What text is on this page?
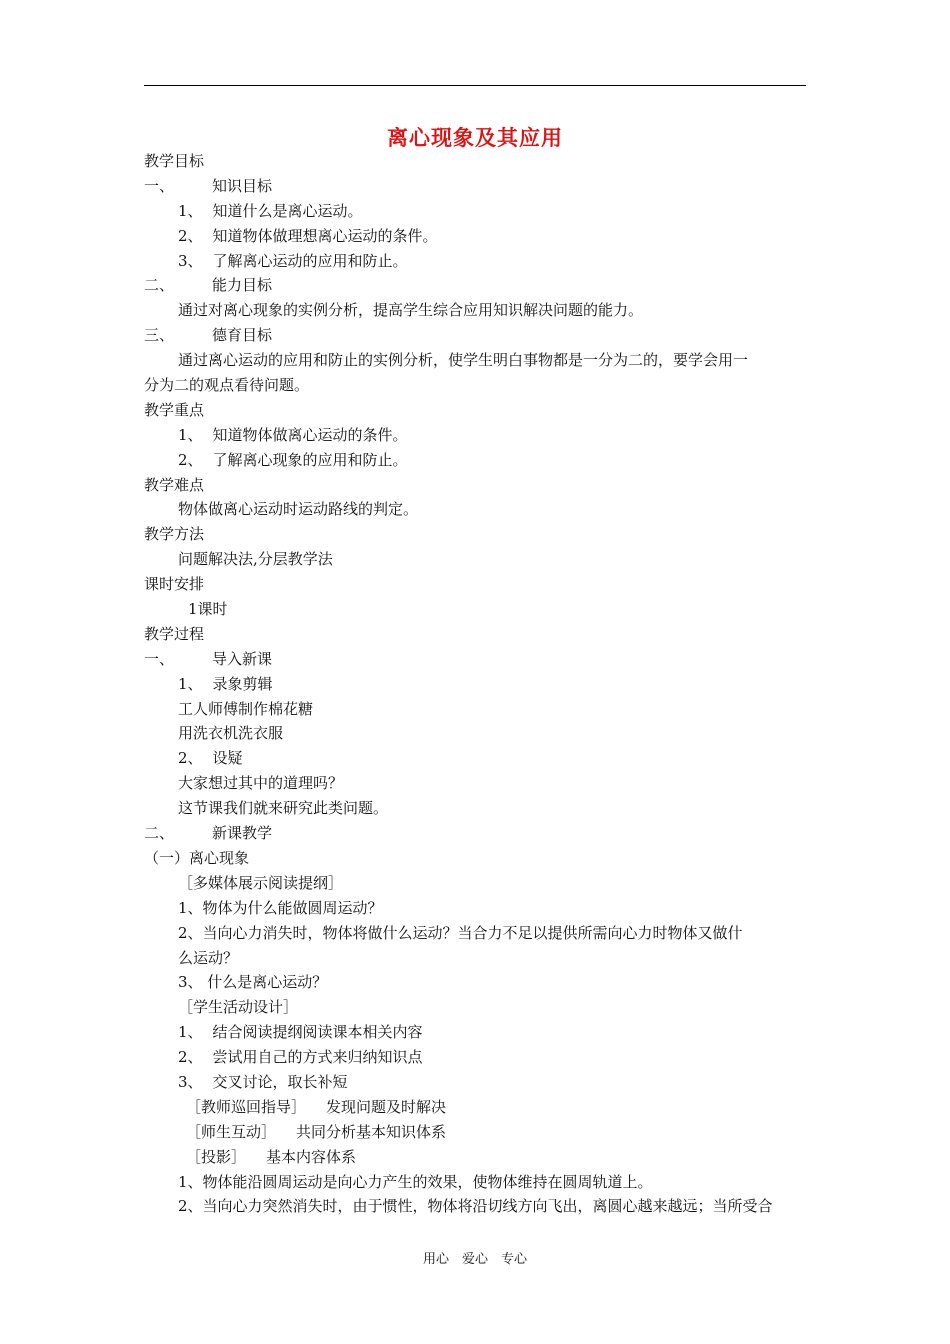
离心现象及其应用
教学目标
一、	知识目标
1、 知道什么是离心运动。
2、 知道物体做理想离心运动的条件。
3、 了解离心运动的应用和防止。
二、	能力目标
通过对离心现象的实例分析，提高学生综合应用知识解决问题的能力。
三、	德育目标
通过离心运动的应用和防止的实例分析，使学生明白事物都是一分为二的，要学会用一
分为二的观点看待问题。
教学重点
1、 知道物体做离心运动的条件。
2、 了解离心现象的应用和防止。
教学难点
物体做离心运动时运动路线的判定。
教学方法
问题解决法,分层教学法
课时安排
1课时
教学过程
一、	导入新课
1、 录象剪辑
工人师傅制作棉花糖
用洗衣机洗衣服
2、 设疑
大家想过其中的道理吗？
这节课我们就来研究此类问题。
二、	新课教学
（一）离心现象
［多媒体展示阅读提纲］
1、物体为什么能做圆周运动？
2、当向心力消失时，物体将做什么运动？当合力不足以提供所需向心力时物体又做什
么运动？
3、 什么是离心运动？
［学生活动设计］
1、 结合阅读提纲阅读课本相关内容
2、 尝试用自己的方式来归纳知识点
3、 交叉讨论，取长补短
［教师巡回指导］ 发现问题及时解决
［师生互动］ 共同分析基本知识体系
［投影］ 基本内容体系
1、物体能沿圆周运动是向心力产生的效果，使物体维持在圆周轨道上。
2、当向心力突然消失时，由于惯性，物体将沿切线方向飞出，离圆心越来越远；当所受合
用心　爱心　专心
